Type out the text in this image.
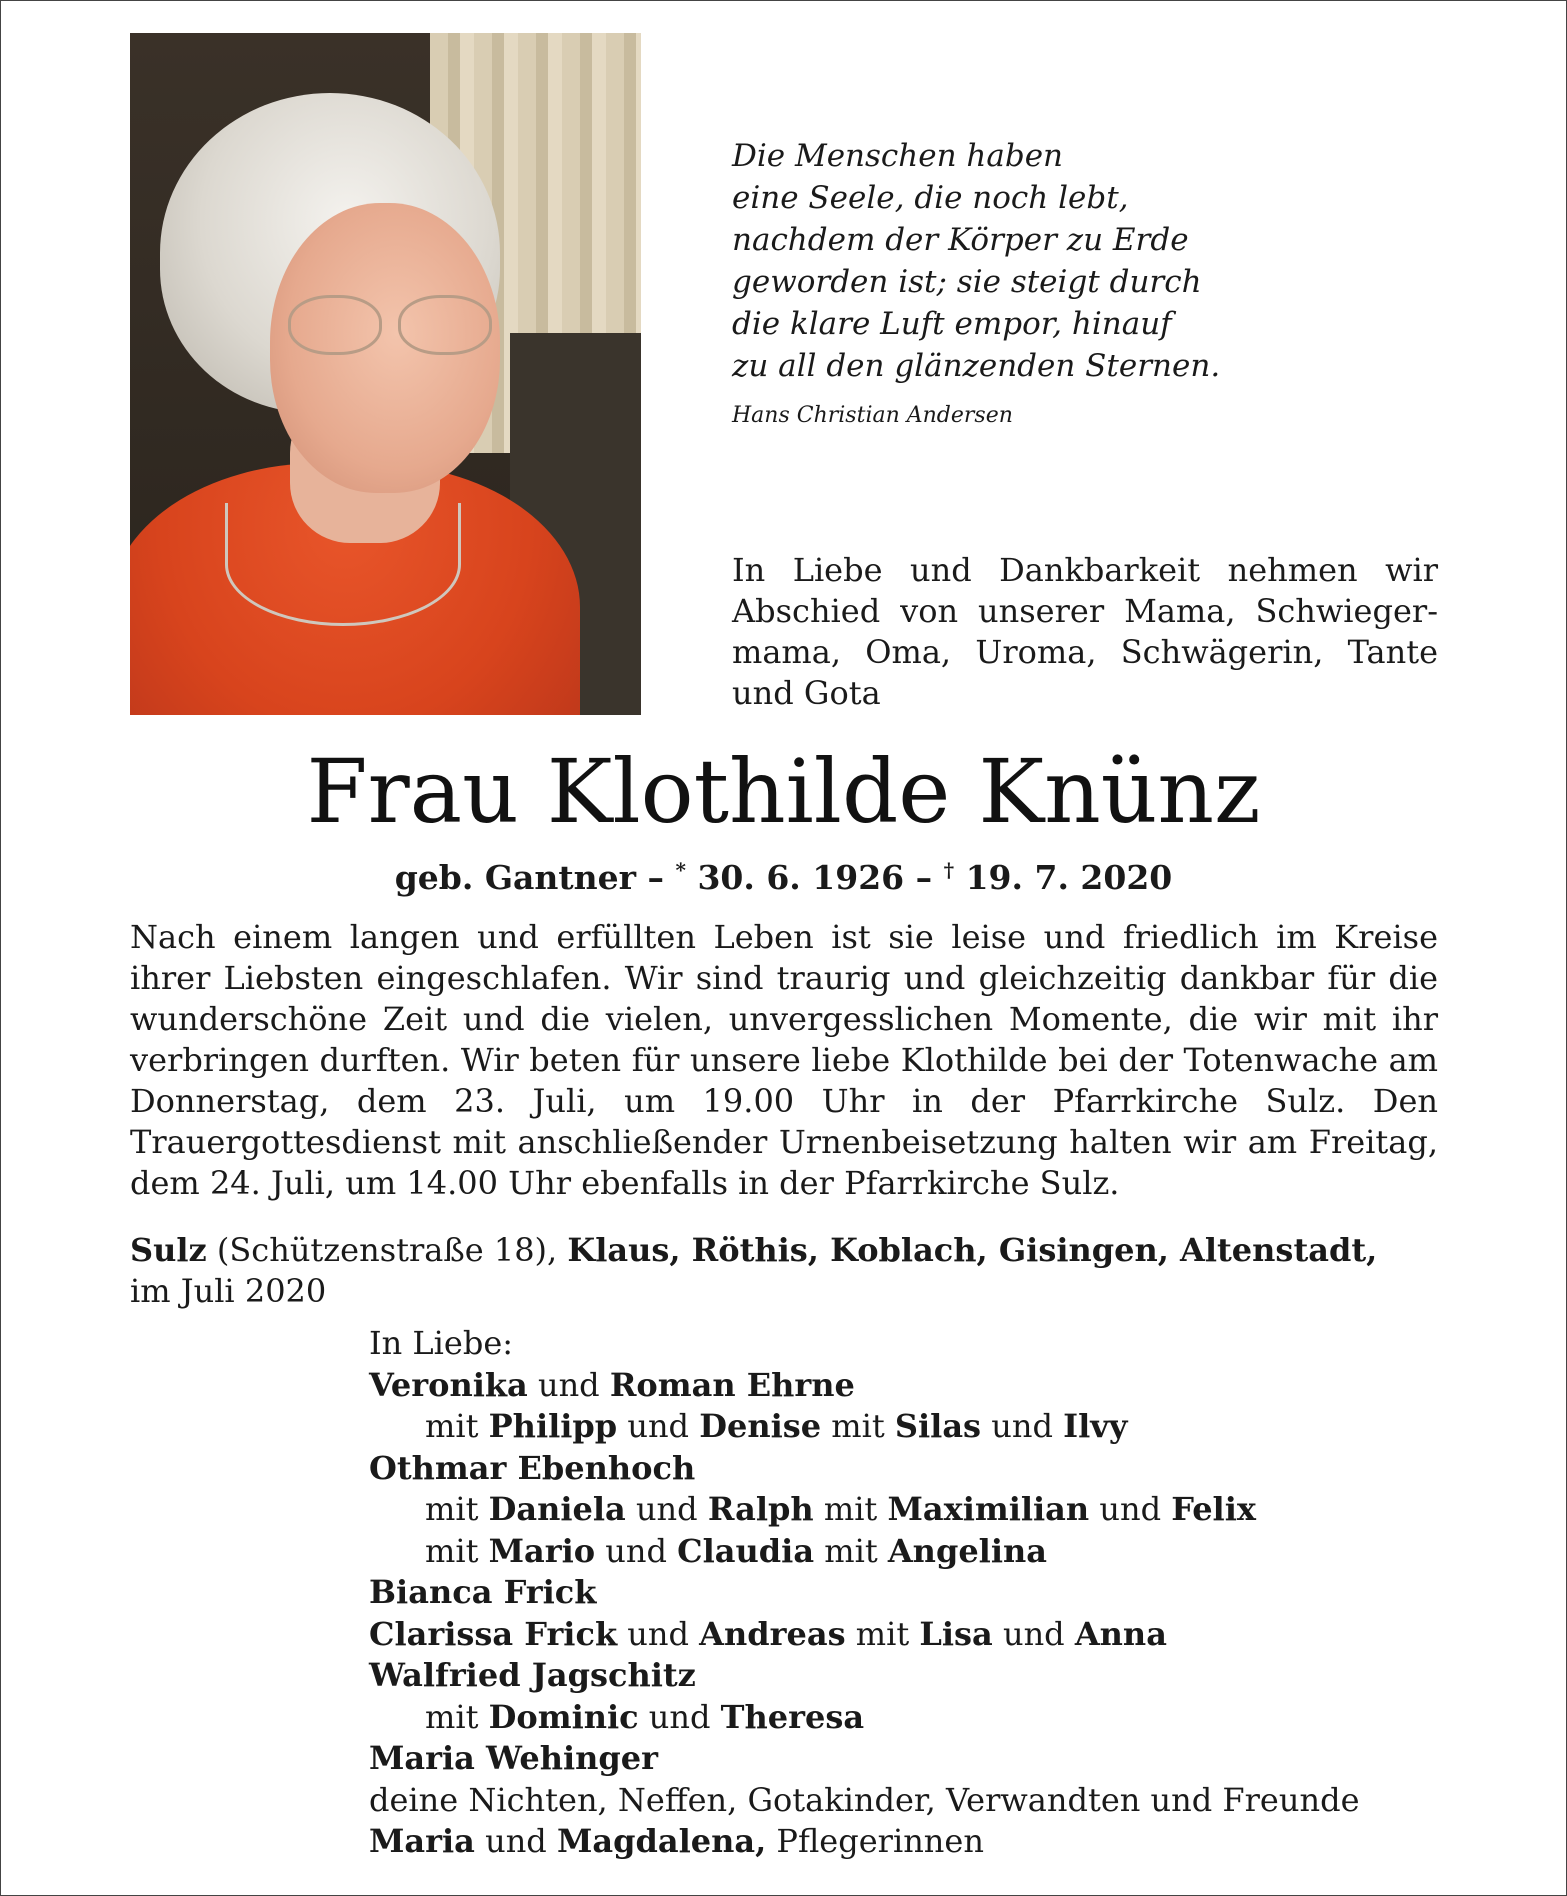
Die Menschen haben
eine Seele, die noch lebt,
nachdem der Körper zu Erde
geworden ist; sie steigt durch
die klare Luft empor, hinauf
zu all den glänzenden Sternen.
Hans Christian Andersen
In Liebe und Dankbarkeit nehmen wir Abschied von unserer Mama, Schwieger-mama, Oma, Uroma, Schwägerin, Tante und Gota
Frau Klothilde Knünz
geb. Gantner – * 30. 6. 1926 – † 19. 7. 2020
Nach einem langen und erfüllten Leben ist sie leise und friedlich im Kreise ihrer Liebsten eingeschlafen. Wir sind traurig und gleichzeitig dankbar für die wunderschöne Zeit und die vielen, unvergesslichen Momente, die wir mit ihr verbringen durften. Wir beten für unsere liebe Klothilde bei der Totenwache am Donnerstag, dem 23. Juli, um 19.00 Uhr in der Pfarrkirche Sulz. Den Trauergottesdienst mit anschließender Urnenbeisetzung halten wir am Freitag, dem 24. Juli, um 14.00 Uhr ebenfalls in der Pfarrkirche Sulz.
Sulz (Schützenstraße 18), Klaus, Röthis, Koblach, Gisingen, Altenstadt,
im Juli 2020
In Liebe:
Veronika und Roman Ehrne
mit Philipp und Denise mit Silas und Ilvy
Othmar Ebenhoch
mit Daniela und Ralph mit Maximilian und Felix
mit Mario und Claudia mit Angelina
Bianca Frick
Clarissa Frick und Andreas mit Lisa und Anna
Walfried Jagschitz
mit Dominic und Theresa
Maria Wehinger
deine Nichten, Neffen, Gotakinder, Verwandten und Freunde
Maria und Magdalena, Pflegerinnen
